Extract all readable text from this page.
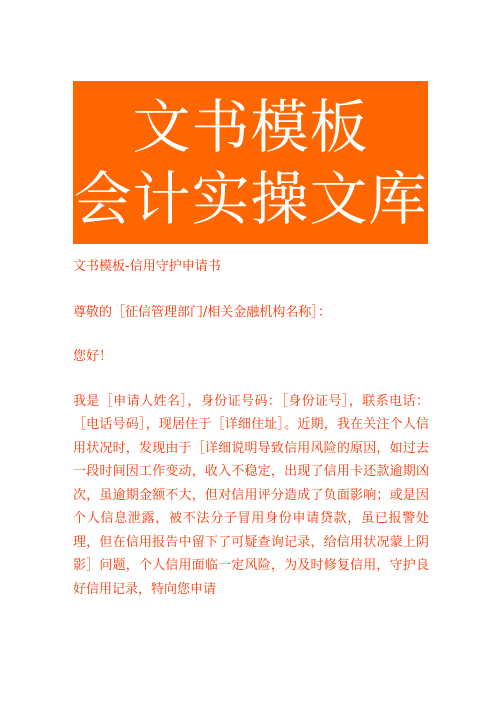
文书模板
会计实操文库

文书模板-信用守护申请书

尊敬的［征信管理部门/相关金融机构名称］：

您好！

我是［申请人姓名］，身份证号码：［身份证号］，联系电话：［电话号码］，现居住于［详细住址］。近期，我在关注个人信用状况时，发现由于［详细说明导致信用风险的原因，如过去一段时间因工作变动，收入不稳定，出现了信用卡还款逾期凶次，虽逾期金额不大，但对信用评分造成了负面影响；或是因个人信息泄露，被不法分子冒用身份申请贷款，虽已报警处理，但在信用报告中留下了可疑查询记录，给信用状况蒙上阴影］问题，个人信用面临一定风险，为及时修复信用，守护良好信用记录，特向您申请
